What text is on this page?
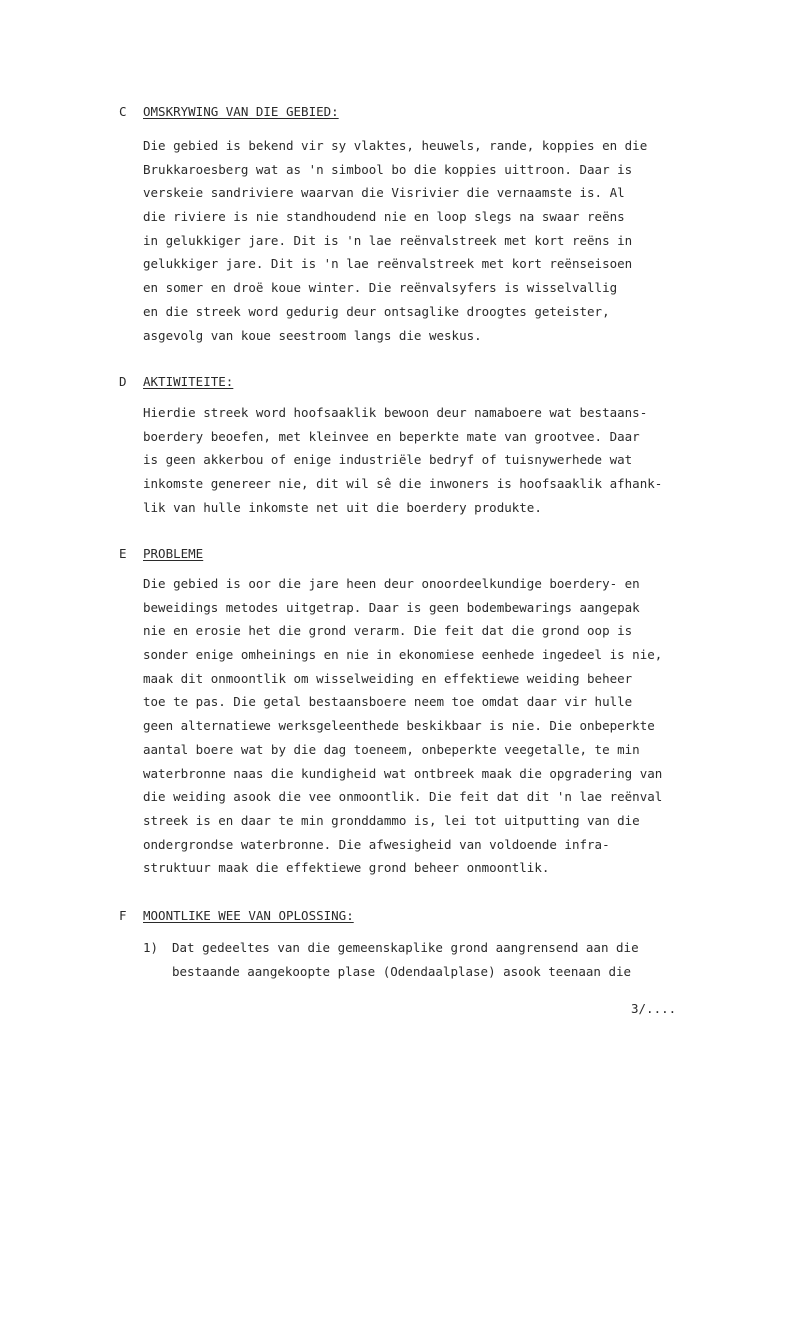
C OMSKRYWING VAN DIE GEBIED:
Die gebied is bekend vir sy vlaktes, heuwels, rande, koppies en die
Brukkaroesberg wat as 'n simbool bo die koppies uittroon. Daar is
verskeie sandriviere waarvan die Visrivier die vernaamste is. Al
die riviere is nie standhoudend nie en loop slegs na swaar reëns
in gelukkiger jare. Dit is 'n lae reënvalstreek met kort reëns in
gelukkiger jare. Dit is 'n lae reënvalstreek met kort reënseisoen
en somer en droë koue winter. Die reënvalsyfers is wisselvallig
en die streek word gedurig deur ontsaglike droogtes geteister,
asgevolg van koue seestroom langs die weskus.
D AKTIWITEITE:
Hierdie streek word hoofsaaklik bewoon deur namaboere wat bestaans-
boerdery beoefen, met kleinvee en beperkte mate van grootvee. Daar
is geen akkerbou of enige industriële bedryf of tuisnywerhede wat
inkomste genereer nie, dit wil sê die inwoners is hoofsaaklik afhank-
lik van hulle inkomste net uit die boerdery produkte.
E PROBLEME
Die gebied is oor die jare heen deur onoordeelkundige boerdery- en
beweidings metodes uitgetrap. Daar is geen bodembewarings aangepak
nie en erosie het die grond verarm. Die feit dat die grond oop is
sonder enige omheinings en nie in ekonomiese eenhede ingedeel is nie,
maak dit onmoontlik om wisselweiding en effektiewe weiding beheer
toe te pas. Die getal bestaansboere neem toe omdat daar vir hulle
geen alternatiewe werksgeleenthede beskikbaar is nie. Die onbeperkte
aantal boere wat by die dag toeneem, onbeperkte veegetalle, te min
waterbronne naas die kundigheid wat ontbreek maak die opgradering van
die weiding asook die vee onmoontlik. Die feit dat dit 'n lae reënval
streek is en daar te min gronddammo is, lei tot uitputting van die
ondergrondse waterbronne. Die afwesigheid van voldoende infra-
struktuur maak die effektiewe grond beheer onmoontlik.
F MOONTLIKE WEE VAN OPLOSSING:
1) Dat gedeeltes van die gemeenskaplike grond aangrensend aan die
bestaande aangekoopte plase (Odendaalplase) asook teenaan die
3/....
